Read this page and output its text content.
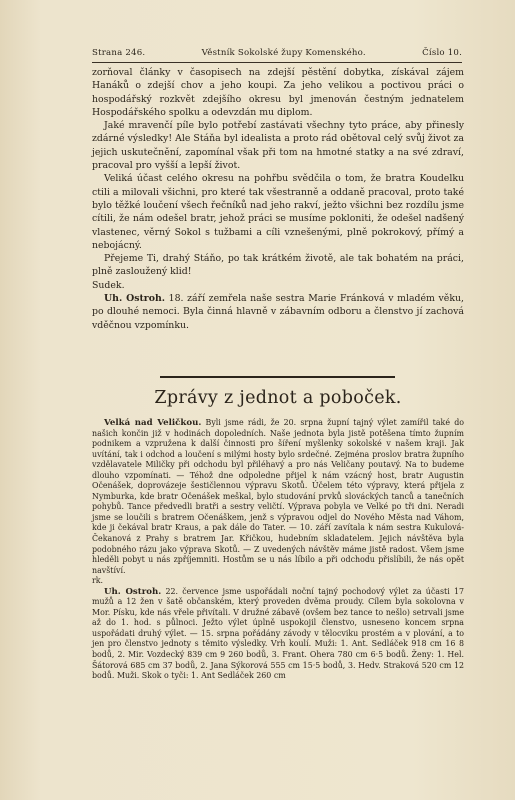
Strana 246.	Věstník Sokolské župy Komenského.	Číslo 10.

zorňoval články v časopisech na zdejší pěstění dobytka, získával zájem Hanáků o zdejší chov a jeho koupi. Za jeho velikou a poctivou práci o hospodářský rozkvět zdejšího okresu byl jmenován čestným jednatelem Hospodářského spolku a odevzdán mu diplom.

Jaké mravenčí píle bylo potřebí zastávati všechny tyto práce, aby přinesly zdárné výsledky! Ale Stáňa byl idealista a proto rád obětoval celý svůj život za jejich uskutečnění, zapomínal však při tom na hmotné statky a na své zdraví, pracoval pro vyšší a lepší život.

Veliká účast celého okresu na pohřbu svědčila o tom, že bratra Koudelku ctili a milovali všichni, pro které tak všestranně a oddaně pracoval, proto také bylo těžké loučení všech řečníků nad jeho rakví, ježto všichni bez rozdílu jsme cítili, že nám odešel bratr, jehož práci se musíme pokloniti, že odešel nadšený vlastenec, věrný Sokol s tužbami a cíli vznešenými, plně pokrokový, přímý a nebojácný.

Přejeme Ti, drahý Stáňo, po tak krátkém životě, ale tak bohatém na práci, plně zasloužený klid!

Sudek.

Uh. Ostroh. 18. září zemřela naše sestra Marie Fránková v mladém věku, po dlouhé nemoci. Byla činná hlavně v zábavním odboru a členstvo jí zachová vděčnou vzpomínku.

Zprávy z jednot a poboček.

Velká nad Veličkou. Byli jsme rádi, že 20. srpna župní tajný výlet zamířil také do našich končin již v hodinách dopoledních. Naše jednota byla jistě potěšena tímto župním podnikem a vzpružena k další činnosti pro šíření myšlenky sokolské v našem kraji. Jak uvítání, tak i odchod a loučení s milými hosty bylo srdečné. Zejména proslov bratra župního vzdělavatele Miličky při odchodu byl přiléhavý a pro nás Veličany poutavý. Na to budeme dlouho vzpomínati. — Téhož dne odpoledne přijel k nám vzácný host, bratr Augustin Očenášek, doprovázeje šestičlennou výpravu Skotů. Účelem této výpravy, která přijela z Nymburka, kde bratr Očenášek meškal, bylo studování prvků slováckých tanců a tanečních pohybů. Tance předvedli bratři a sestry veličtí. Výprava pobyla ve Velké po tři dni. Neradi jsme se loučili s bratrem Očenáškem, jenž s výpravou odjel do Nového Města nad Váhom, kde ji čekával bratr Kraus, a pak dále do Tater. — 10. září zavítala k nám sestra Kukulová-Čekanová z Prahy s bratrem Jar. Křičkou, hudebním skladatelem. Jejich návštěva byla podobného rázu jako výprava Skotů. — Z uvedených návštěv máme jistě radost. Všem jsme hleděli pobyt u nás zpříjemniti. Hostům se u nás líbilo a při odchodu přislíbili, že nás opět navštíví.

rk.

Uh. Ostroh. 22. července jsme uspořádali noční tajný pochodový výlet za účasti 17 mužů a 12 žen v šatě občanském, který proveden dvěma proudy. Cílem byla sokolovna v Mor. Písku, kde nás vřele přivítali. V družné zábavě (ovšem bez tance to nešlo) setrvali jsme až do 1. hod. s půlnoci. Ježto výlet úplně uspokojil členstvo, usneseno koncem srpna uspořádati druhý výlet. — 15. srpna pořádány závody v tělocviku prostém a v plování, a to jen pro členstvo jednoty s těmito výsledky. Vrh koulí. Muži: 1. Ant. Sedláček 918 cm 16 8 bodů, 2. Mir. Vozdecký 839 cm 9 260 bodů, 3. Frant. Ohera 780 cm 6·5 bodů. Ženy: 1. Hel. Šátorová 685 cm 37 bodů, 2. Jana Sýkorová 555 cm 15·5 bodů, 3. Hedv. Straková 520 cm 12 bodů. Muži. Skok o tyči: 1. Ant Sedláček 260 cm
